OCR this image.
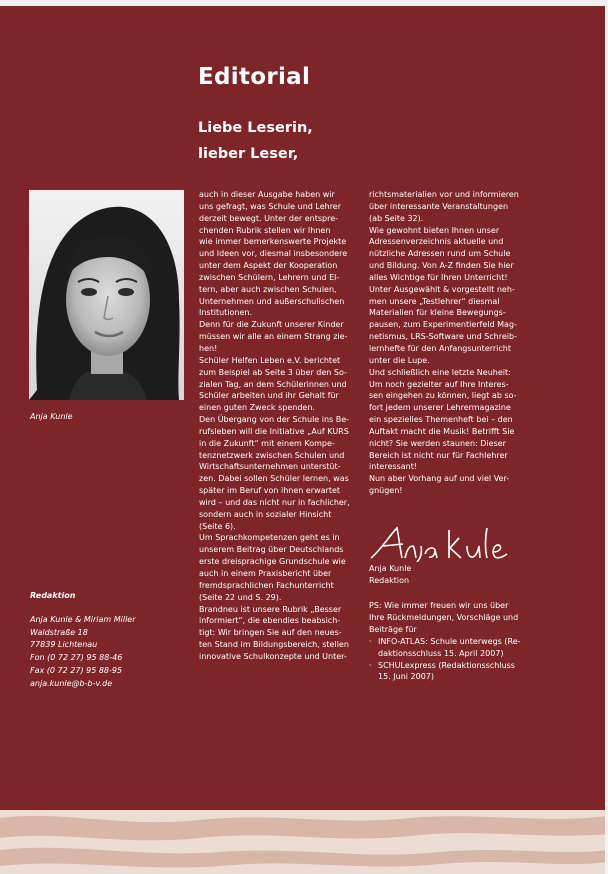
Editorial
Liebe Leserin,
lieber Leser,
Anja Kunle
auch in dieser Ausgabe haben wir
uns gefragt, was Schule und Lehrer
derzeit bewegt. Unter der entspre-
chenden Rubrik stellen wir Ihnen
wie immer bemerkenswerte Projekte
und Ideen vor, diesmal insbesondere
unter dem Aspekt der Kooperation
zwischen Schülern, Lehrern und El-
tern, aber auch zwischen Schulen,
Unternehmen und außerschulischen
Institutionen.
Denn für die Zukunft unserer Kinder
müssen wir alle an einem Strang zie-
hen!
Schüler Helfen Leben e.V. berichtet
zum Beispiel ab Seite 3 über den So-
zialen Tag, an dem Schülerinnen und
Schüler arbeiten und ihr Gehalt für
einen guten Zweck spenden.
Den Übergang von der Schule ins Be-
rufsleben will die Initiative „Auf KURS
in die Zukunft“ mit einem Kompe-
tenznetzwerk zwischen Schulen und
Wirtschaftsunternehmen unterstüt-
zen. Dabei sollen Schüler lernen, was
später im Beruf von ihnen erwartet
wird – und das nicht nur in fachlicher,
sondern auch in sozialer Hinsicht
(Seite 6).
Um Sprachkompetenzen geht es in
unserem Beitrag über Deutschlands
erste dreisprachige Grundschule wie
auch in einem Praxisbericht über
fremdsprachlichen Fachunterricht
(Seite 22 und S. 29).
Brandneu ist unsere Rubrik „Besser
informiert“, die ebendies beabsich-
tigt: Wir bringen Sie auf den neues-
ten Stand im Bildungsbereich, stellen
innovative Schulkonzepte und Unter-
richtsmaterialien vor und informieren
über interessante Veranstaltungen
(ab Seite 32).
Wie gewohnt bieten Ihnen unser
Adressenverzeichnis aktuelle und
nützliche Adressen rund um Schule
und Bildung. Von A-Z finden Sie hier
alles Wichtige für Ihren Unterricht!
Unter Ausgewählt & vorgestellt neh-
men unsere „Testlehrer“ diesmal
Materialien für kleine Bewegungs-
pausen, zum Experimentierfeld Mag-
netismus, LRS-Software und Schreib-
lernhefte für den Anfangsunterricht
unter die Lupe.
Und schließlich eine letzte Neuheit:
Um noch gezielter auf Ihre Interes-
sen eingehen zu können, liegt ab so-
fort jedem unserer Lehrermagazine
ein spezielles Themenheft bei – den
Auftakt macht die Musik! Betrifft Sie
nicht? Sie werden staunen: Dieser
Bereich ist nicht nur für Fachlehrer
interessant!
Nun aber Vorhang auf und viel Ver-
gnügen!
Anja Kunle
Redaktion
PS: Wie immer freuen wir uns über
Ihre Rückmeldungen, Vorschläge und
Beiträge für
· INFO-ATLAS: Schule unterwegs (Re-
daktionsschluss 15. April 2007)
· SCHULexpress (Redaktionsschluss
15. Juni 2007)
Redaktion
Anja Kunle & Miriam Miller
Waldstraße 18
77839 Lichtenau
Fon (0 72 27) 95 88-46
Fax (0 72 27) 95 88-95
anja.kunle@b-b-v.de
